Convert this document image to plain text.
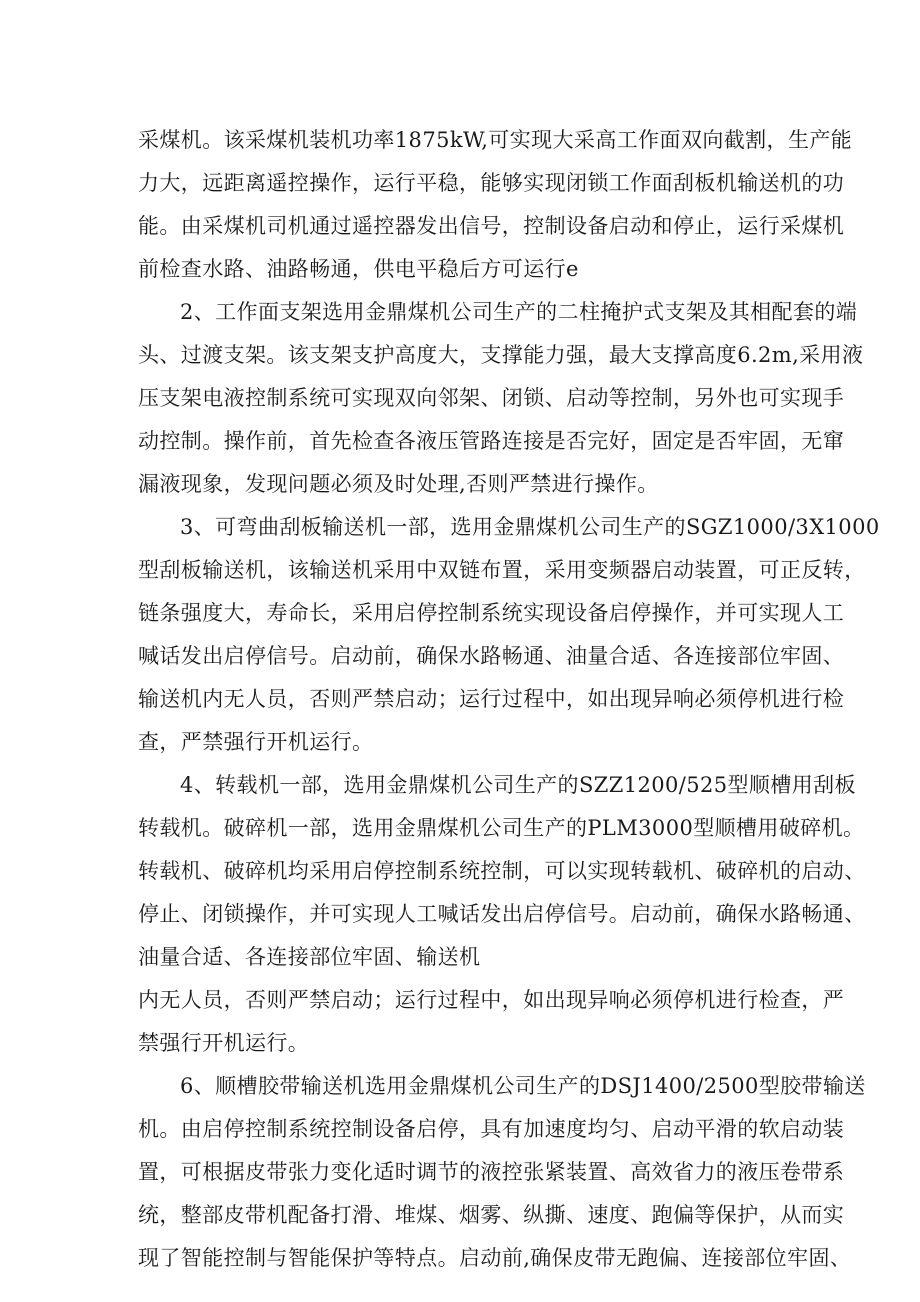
采煤机。该采煤机装机功率1875kW,可实现大采高工作面双向截割，生产能
力大，远距离遥控操作，运行平稳，能够实现闭锁工作面刮板机输送机的功
能。由采煤机司机通过遥控器发出信号，控制设备启动和停止，运行采煤机
前检查水路、油路畅通，供电平稳后方可运行e
2、工作面支架选用金鼎煤机公司生产的二柱掩护式支架及其相配套的端
头、过渡支架。该支架支护高度大，支撑能力强，最大支撑高度6.2m,采用液
压支架电液控制系统可实现双向邻架、闭锁、启动等控制，另外也可实现手
动控制。操作前，首先检查各液压管路连接是否完好，固定是否牢固，无窜
漏液现象，发现问题必须及时处理,否则严禁进行操作。
3、可弯曲刮板输送机一部，选用金鼎煤机公司生产的SGZ1000/3X1000
型刮板输送机，该输送机采用中双链布置，采用变频器启动装置，可正反转，
链条强度大，寿命长，采用启停控制系统实现设备启停操作，并可实现人工
喊话发出启停信号。启动前，确保水路畅通、油量合适、各连接部位牢固、
输送机内无人员，否则严禁启动；运行过程中，如出现异响必须停机进行检
查，严禁强行开机运行。
4、转载机一部，选用金鼎煤机公司生产的SZZ1200/525型顺槽用刮板
转载机。破碎机一部，选用金鼎煤机公司生产的PLM3000型顺槽用破碎机。
转载机、破碎机均采用启停控制系统控制，可以实现转载机、破碎机的启动、
停止、闭锁操作，并可实现人工喊话发出启停信号。启动前，确保水路畅通、
油量合适、各连接部位牢固、输送机
内无人员，否则严禁启动；运行过程中，如出现异响必须停机进行检查，严
禁强行开机运行。
6、顺槽胶带输送机选用金鼎煤机公司生产的DSJ1400/2500型胶带输送
机。由启停控制系统控制设备启停，具有加速度均匀、启动平滑的软启动装
置，可根据皮带张力变化适时调节的液控张紧装置、高效省力的液压卷带系
统，整部皮带机配备打滑、堆煤、烟雾、纵撕、速度、跑偏等保护，从而实
现了智能控制与智能保护等特点。启动前,确保皮带无跑偏、连接部位牢固、
